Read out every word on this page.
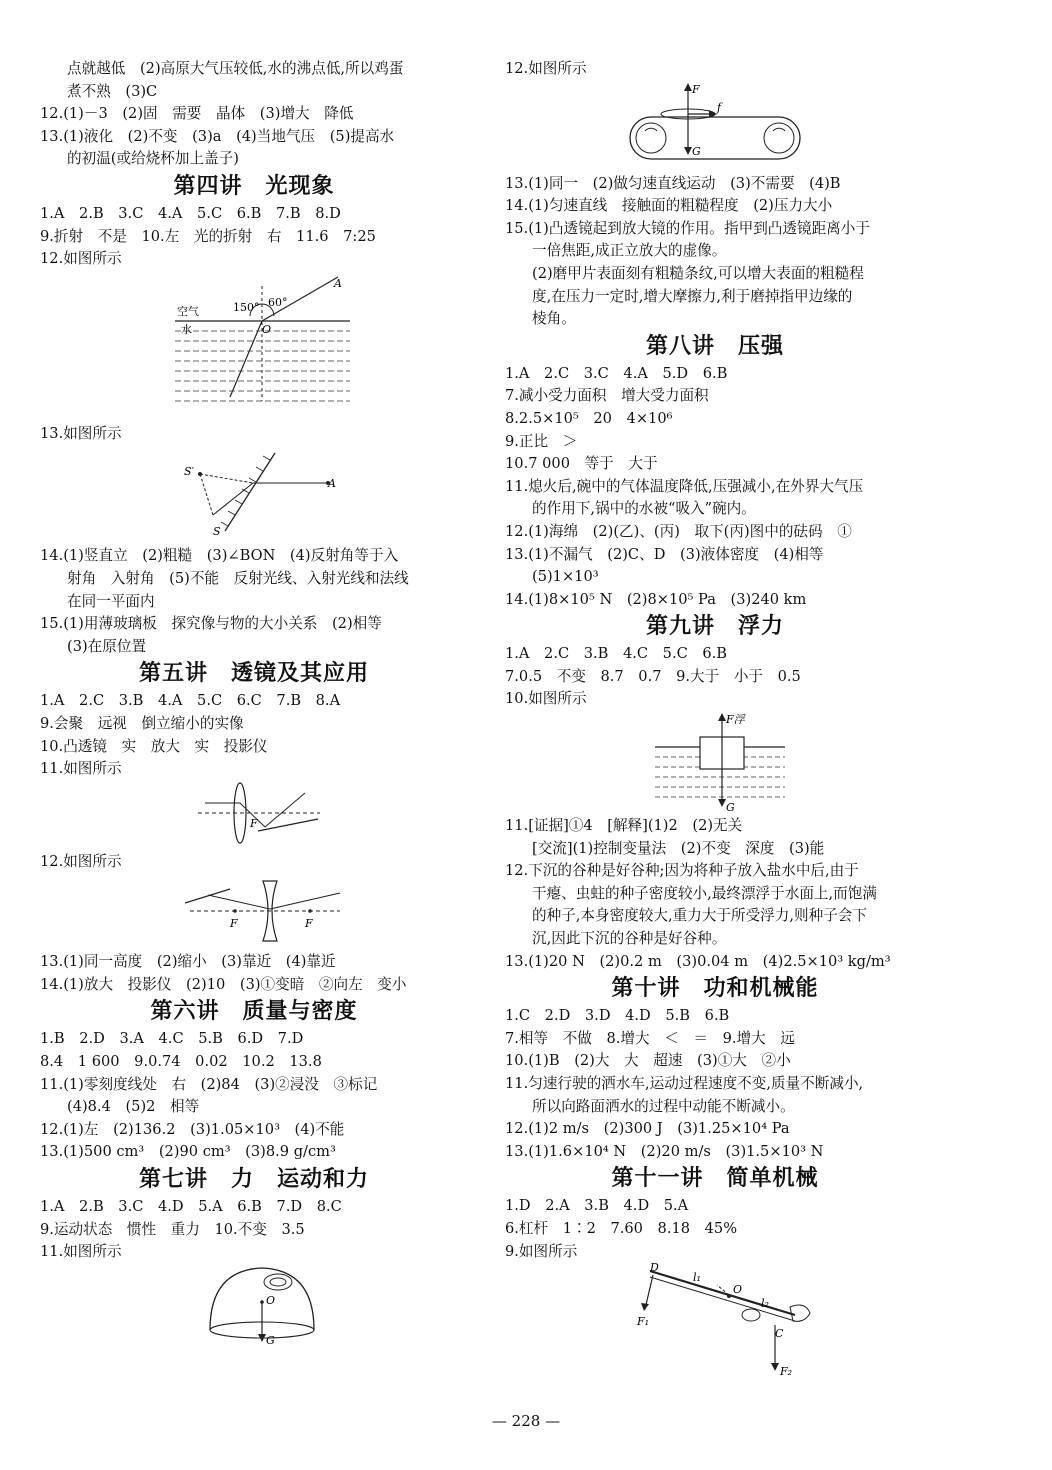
点就越低　(2)高原大气压较低,水的沸点低,所以鸡蛋
煮不熟　(3)C
12.(1)－3　(2)固　需要　晶体　(3)增大　降低
13.(1)液化　(2)不变　(3)a　(4)当地气压　(5)提高水
的初温(或给烧杯加上盖子)
第四讲　光现象
1.A　2.B　3.C　4.A　5.C　6.B　7.B　8.D
9.折射　不是　10.左　光的折射　右　11.6　7:25
12.如图所示
空气
水
150° 60°
O
A
13.如图所示
S′
A
S
14.(1)竖直立　(2)粗糙　(3)∠BON　(4)反射角等于入
射角　入射角　(5)不能　反射光线、入射光线和法线
在同一平面内
15.(1)用薄玻璃板　探究像与物的大小关系　(2)相等
(3)在原位置
第五讲　透镜及其应用
1.A　2.C　3.B　4.A　5.C　6.C　7.B　8.A
9.会聚　远视　倒立缩小的实像
10.凸透镜　实　放大　实　投影仪
11.如图所示
F
12.如图所示
F	F
13.(1)同一高度　(2)缩小　(3)靠近　(4)靠近
14.(1)放大　投影仪　(2)10　(3)①变暗　②向左　变小
第六讲　质量与密度
1.B　2.D　3.A　4.C　5.B　6.D　7.D
8.4　1 600　9.0.74　0.02　10.2　13.8
11.(1)零刻度线处　右　(2)84　(3)②浸没　③标记
(4)8.4　(5)2　相等
12.(1)左　(2)136.2　(3)1.05×10³　(4)不能
13.(1)500 cm³　(2)90 cm³　(3)8.9 g/cm³
第七讲　力　运动和力
1.A　2.B　3.C　4.D　5.A　6.B　7.D　8.C
9.运动状态　惯性　重力　10.不变　3.5
11.如图所示
O
G
12.如图所示
F
f
G
13.(1)同一　(2)做匀速直线运动　(3)不需要　(4)B
14.(1)匀速直线　接触面的粗糙程度　(2)压力大小
15.(1)凸透镜起到放大镜的作用。指甲到凸透镜距离小于
一倍焦距,成正立放大的虚像。
(2)磨甲片表面刻有粗糙条纹,可以增大表面的粗糙程
度,在压力一定时,增大摩擦力,利于磨掉指甲边缘的
棱角。
第八讲　压强
1.A　2.C　3.C　4.A　5.D　6.B
7.减小受力面积　增大受力面积
8.2.5×10⁵　20　4×10⁶
9.正比　＞
10.7 000　等于　大于
11.熄火后,碗中的气体温度降低,压强减小,在外界大气压
的作用下,锅中的水被“吸入”碗内。
12.(1)海绵　(2)(乙)、(丙)　取下(丙)图中的砝码　①
13.(1)不漏气　(2)C、D　(3)液体密度　(4)相等
(5)1×10³
14.(1)8×10⁵ N　(2)8×10⁵ Pa　(3)240 km
第九讲　浮力
1.A　2.C　3.B　4.C　5.C　6.B
7.0.5　不变　8.7　0.7　9.大于　小于　0.5
10.如图所示
F浮
G
11.[证据]①4　[解释](1)2　(2)无关
[交流](1)控制变量法　(2)不变　深度　(3)能
12.下沉的谷种是好谷种;因为将种子放入盐水中后,由于
干瘪、虫蛀的种子密度较小,最终漂浮于水面上,而饱满
的种子,本身密度较大,重力大于所受浮力,则种子会下
沉,因此下沉的谷种是好谷种。
13.(1)20 N　(2)0.2 m　(3)0.04 m　(4)2.5×10³ kg/m³
第十讲　功和机械能
1.C　2.D　3.D　4.D　5.B　6.B
7.相等　不做　8.增大　＜　＝　9.增大　远
10.(1)B　(2)大　大　超速　(3)①大　②小
11.匀速行驶的洒水车,运动过程速度不变,质量不断减小,
所以向路面洒水的过程中动能不断减小。
12.(1)2 m/s　(2)300 J　(3)1.25×10⁴ Pa
13.(1)1.6×10⁴ N　(2)20 m/s　(3)1.5×10³ N
第十一讲　简单机械
1.D　2.A　3.B　4.D　5.A
6.杠杆　1∶2　7.60　8.18　45%
9.如图所示
D
l₁
O
l₂
C
F₁
F₂
— 228 —
